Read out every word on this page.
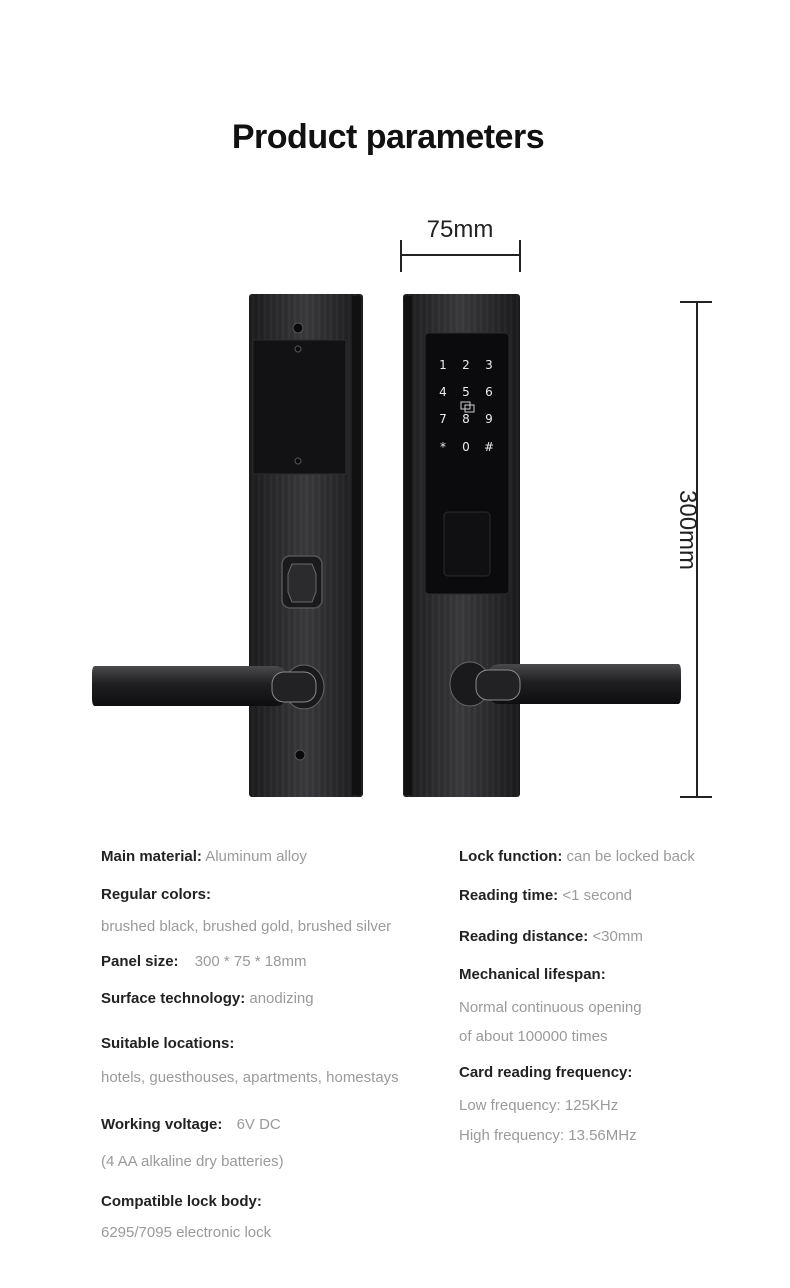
Product parameters
75mm
300mm
1 2 3
4 5 6
7 8 9
* 0 #
Main material: Aluminum alloy
Regular colors:
brushed black, brushed gold, brushed silver
Panel size: 300 * 75 * 18mm
Surface technology: anodizing
Suitable locations:
hotels, guesthouses, apartments, homestays
Working voltage: 6V DC
(4 AA alkaline dry batteries)
Compatible lock body:
6295/7095 electronic lock
Lock function: can be locked back
Reading time: <1 second
Reading distance: <30mm
Mechanical lifespan:
Normal continuous opening
of about 100000 times
Card reading frequency:
Low frequency: 125KHz
High frequency: 13.56MHz
